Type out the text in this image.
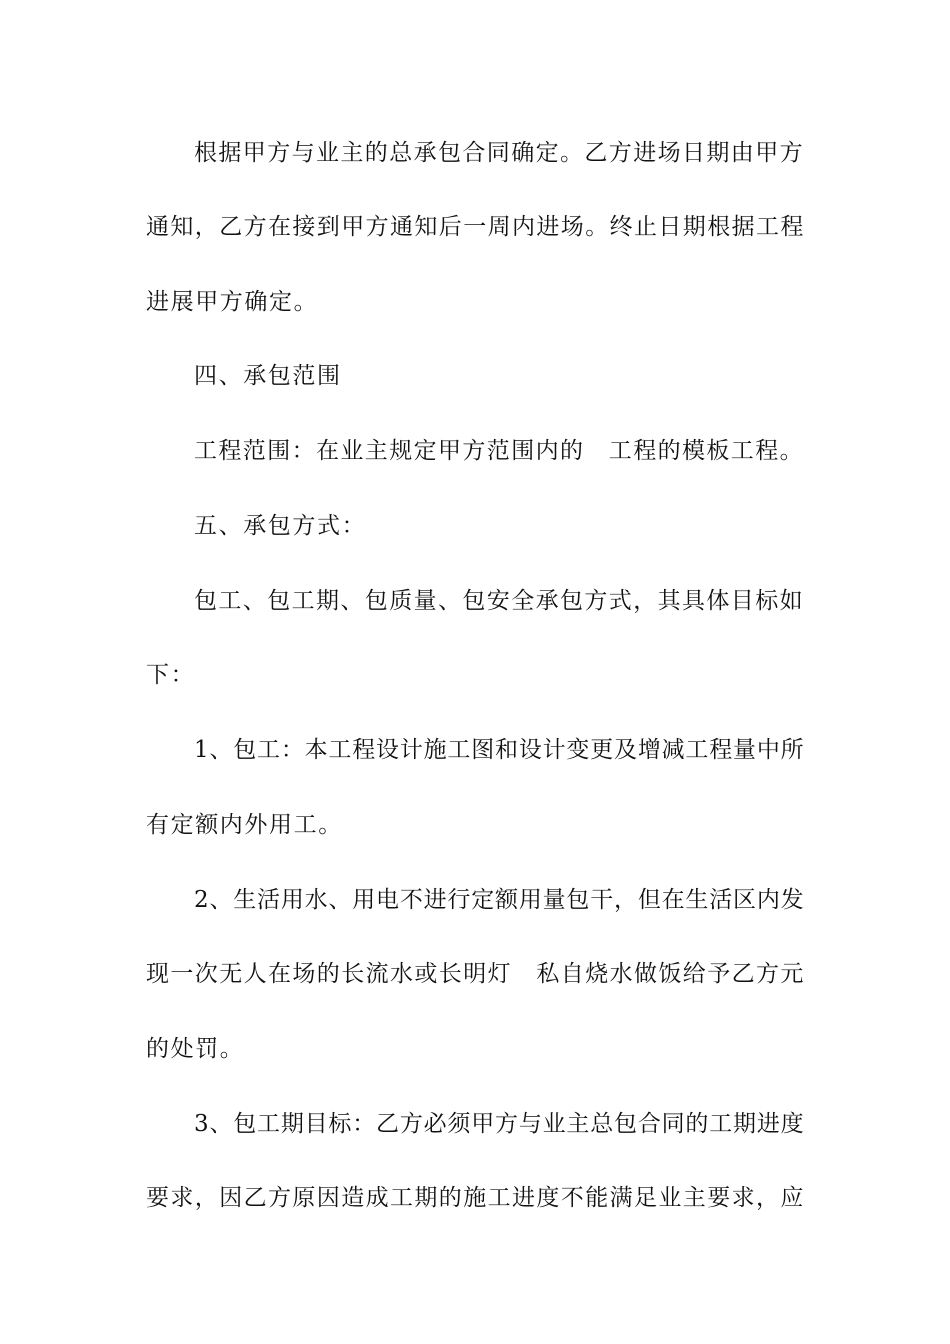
根据甲方与业主的总承包合同确定。乙方进场日期由甲方
通知，乙方在接到甲方通知后一周内进场。终止日期根据工程
进展甲方确定。
四、承包范围
工程范围：在业主规定甲方范围内的　工程的模板工程。
五、承包方式：
包工、包工期、包质量、包安全承包方式，其具体目标如
下：
1、包工：本工程设计施工图和设计变更及增减工程量中所
有定额内外用工。
2、生活用水、用电不进行定额用量包干，但在生活区内发
现一次无人在场的长流水或长明灯　私自烧水做饭给予乙方元
的处罚。
3、包工期目标：乙方必须甲方与业主总包合同的工期进度
要求，因乙方原因造成工期的施工进度不能满足业主要求，应
